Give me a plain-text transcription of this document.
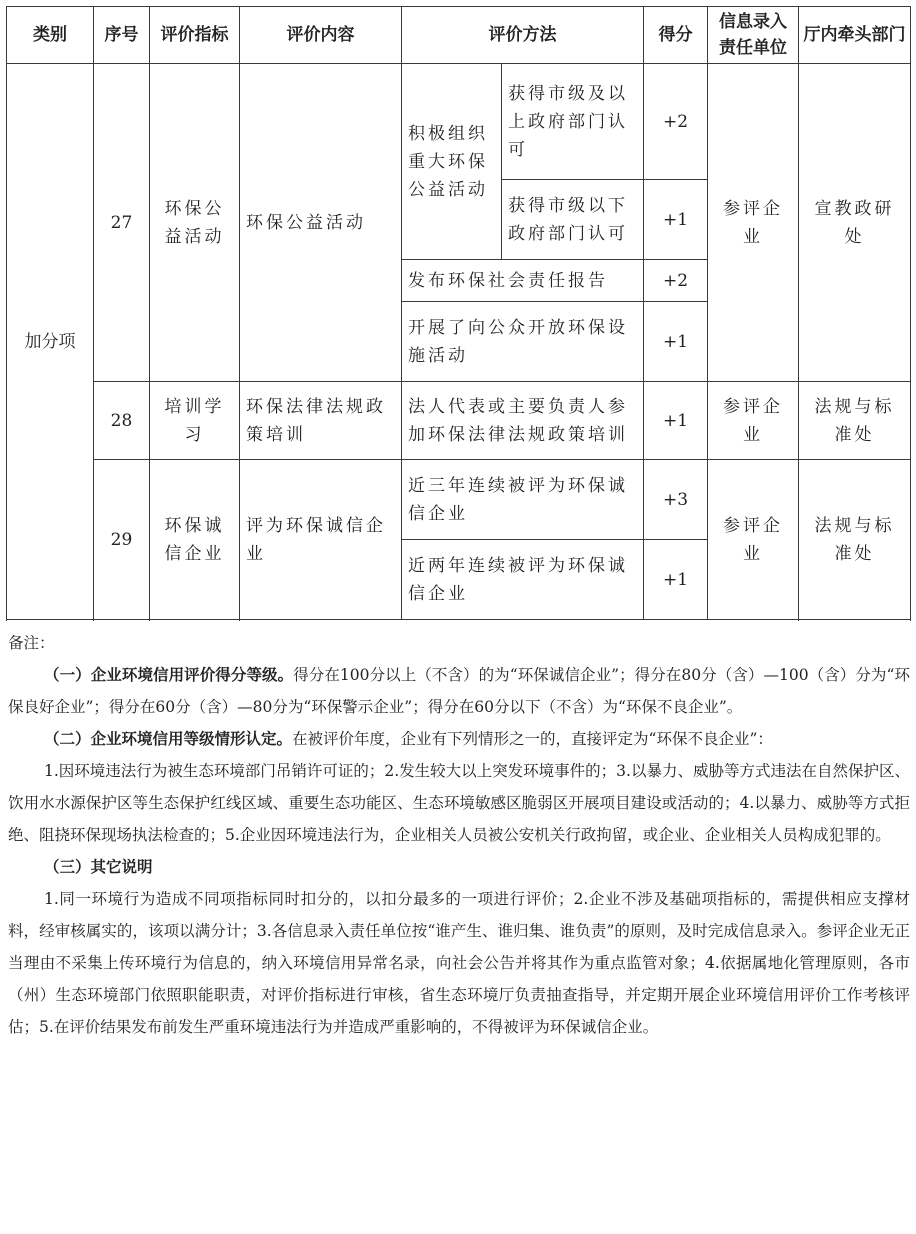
类别	序号	评价指标	评价内容	评价方法		得分	信息录入责任单位	厅内牵头部门
加分项	27	环保公益活动	环保公益活动	积极组织重大环保公益活动	获得市级及以上政府部门认可	+2	参评企业	宣教政研处
					获得市级以下政府部门认可	+1		
				发布环保社会责任报告		+2		
				开展了向公众开放环保设施活动		+1		

	28	培训学习	环保法律法规政策培训	法人代表或主要负责人参加环保法律法规政策培训		+1	参评企业	法规与标准处
	29	环保诚信企业	评为环保诚信企业	近三年连续被评为环保诚信企业		+3	参评企业	法规与标准处
				近两年连续被评为环保诚信企业		+1		

备注：

（一）企业环境信用评价得分等级。得分在100分以上（不含）的为“环保诚信企业”；得分在80分（含）—100（含）分为“环保良好企业”；得分在60分（含）—80分为“环保警示企业”；得分在60分以下（不含）为“环保不良企业”。

（二）企业环境信用等级情形认定。在被评价年度，企业有下列情形之一的，直接评定为“环保不良企业”：

1.因环境违法行为被生态环境部门吊销许可证的；2.发生较大以上突发环境事件的；3.以暴力、威胁等方式违法在自然保护区、饮用水水源保护区等生态保护红线区域、重要生态功能区、生态环境敏感区脆弱区开展项目建设或活动的；4.以暴力、威胁等方式拒绝、阻挠环保现场执法检查的；5.企业因环境违法行为，企业相关人员被公安机关行政拘留，或企业、企业相关人员构成犯罪的。

（三）其它说明

1.同一环境行为造成不同项指标同时扣分的，以扣分最多的一项进行评价；2.企业不涉及基础项指标的，需提供相应支撑材料，经审核属实的，该项以满分计；3.各信息录入责任单位按“谁产生、谁归集、谁负责”的原则，及时完成信息录入。参评企业无正当理由不采集上传环境行为信息的，纳入环境信用异常名录，向社会公告并将其作为重点监管对象；4.依据属地化管理原则，各市（州）生态环境部门依照职能职责，对评价指标进行审核，省生态环境厅负责抽查指导，并定期开展企业环境信用评价工作考核评估；5.在评价结果发布前发生严重环境违法行为并造成严重影响的，不得被评为环保诚信企业。
